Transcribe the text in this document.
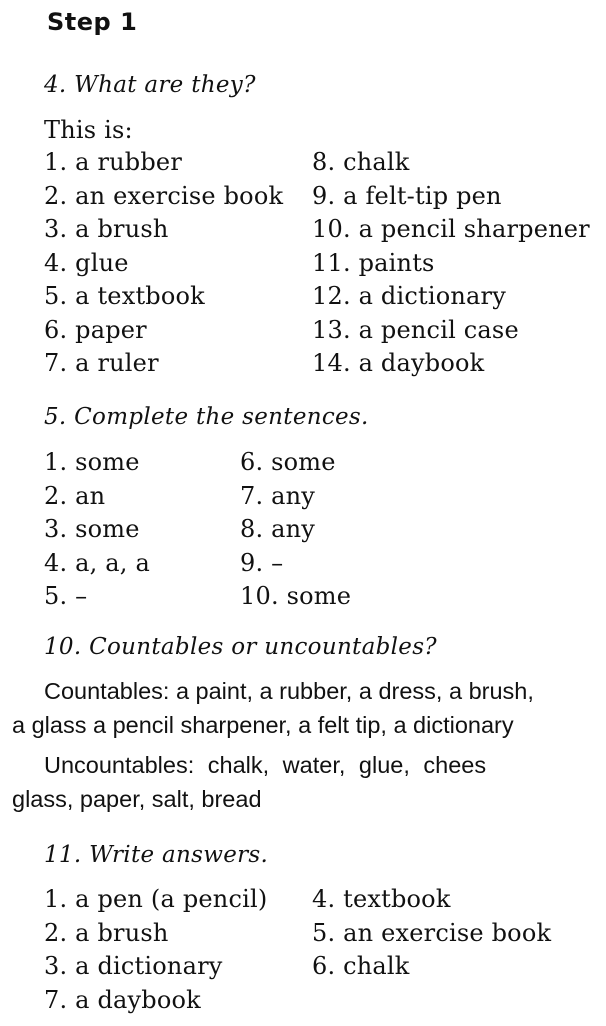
Step 1
4. What are they?
This is:
1. a rubber
2. an exercise book
3. a brush
4. glue
5. a textbook
6. paper
7. a ruler
8. chalk
9. a felt-tip pen
10. a pencil sharpener
11. paints
12. a dictionary
13. a pencil case
14. a daybook
5. Complete the sentences.
1. some
2. an
3. some
4. a, a, a
5. –
6. some
7. any
8. any
9. –
10. some
10. Countables or uncountables?
Countables: a paint, a rubber, a dress, a brush,
a glass a pencil sharpener, a felt tip, a dictionary
Uncountables: chalk, water, glue, chees
glass, paper, salt, bread
11. Write answers.
1. a pen (a pencil)
2. a brush
3. a dictionary
7. a daybook
4. textbook
5. an exercise book
6. chalk
